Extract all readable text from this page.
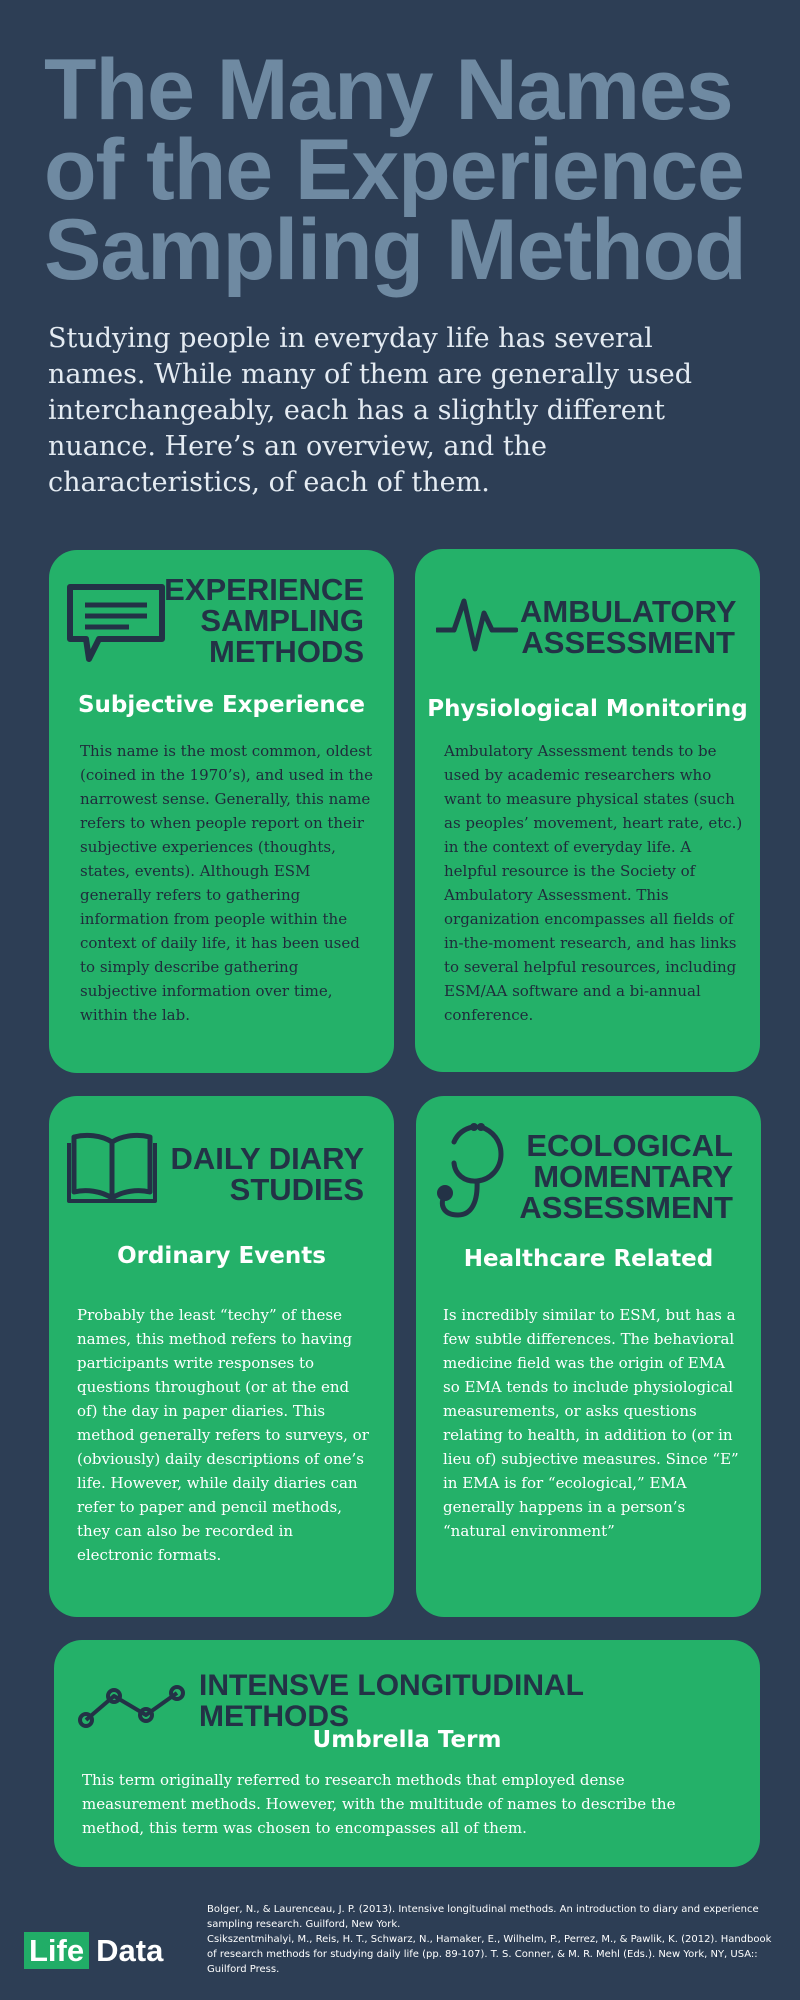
The Many Names of the Experience Sampling Method

Studying people in everyday life has several names. While many of them are generally used interchangeably, each has a slightly different nuance. Here’s an overview, and the characteristics, of each of them.

EXPERIENCE SAMPLING METHODS
Subjective Experience

This name is the most common, oldest (coined in the 1970’s), and used in the narrowest sense. Generally, this name refers to when people report on their subjective experiences (thoughts, states, events). Although ESM generally refers to gathering information from people within the context of daily life, it has been used to simply describe gathering subjective information over time, within the lab.

AMBULATORY ASSESSMENT
Physiological Monitoring

Ambulatory Assessment tends to be used by academic researchers who want to measure physical states (such as peoples’ movement, heart rate, etc.) in the context of everyday life. A helpful resource is the Society of Ambulatory Assessment. This organization encompasses all fields of in-the-moment research, and has links to several helpful resources, including ESM/AA software and a bi-annual conference.

DAILY DIARY STUDIES
Ordinary Events

Probably the least “techy” of these names, this method refers to having participants write responses to questions throughout (or at the end of) the day in paper diaries. This method generally refers to surveys, or (obviously) daily descriptions of one’s life. However, while daily diaries can refer to paper and pencil methods, they can also be recorded in electronic formats.

ECOLOGICAL MOMENTARY ASSESSMENT
Healthcare Related

Is incredibly similar to ESM, but has a few subtle differences. The behavioral medicine field was the origin of EMA so EMA tends to include physiological measurements, or asks questions relating to health, in addition to (or in lieu of) subjective measures. Since “E” in EMA is for “ecological,” EMA generally happens in a person’s “natural environment”

INTENSVE LONGITUDINAL METHODS
Umbrella Term

This term originally referred to research methods that employed dense measurement methods. However, with the multitude of names to describe the method, this term was chosen to encompasses all of them.

Life Data

Bolger, N., & Laurenceau, J. P. (2013). Intensive longitudinal methods. An introduction to diary and experience sampling research. Guilford, New York.

Csikszentmihalyi, M., Reis, H. T., Schwarz, N., Hamaker, E., Wilhelm, P., Perrez, M., & Pawlik, K. (2012). Handbook of research methods for studying daily life (pp. 89-107). T. S. Conner, & M. R. Mehl (Eds.). New York, NY, USA:: Guilford Press.
